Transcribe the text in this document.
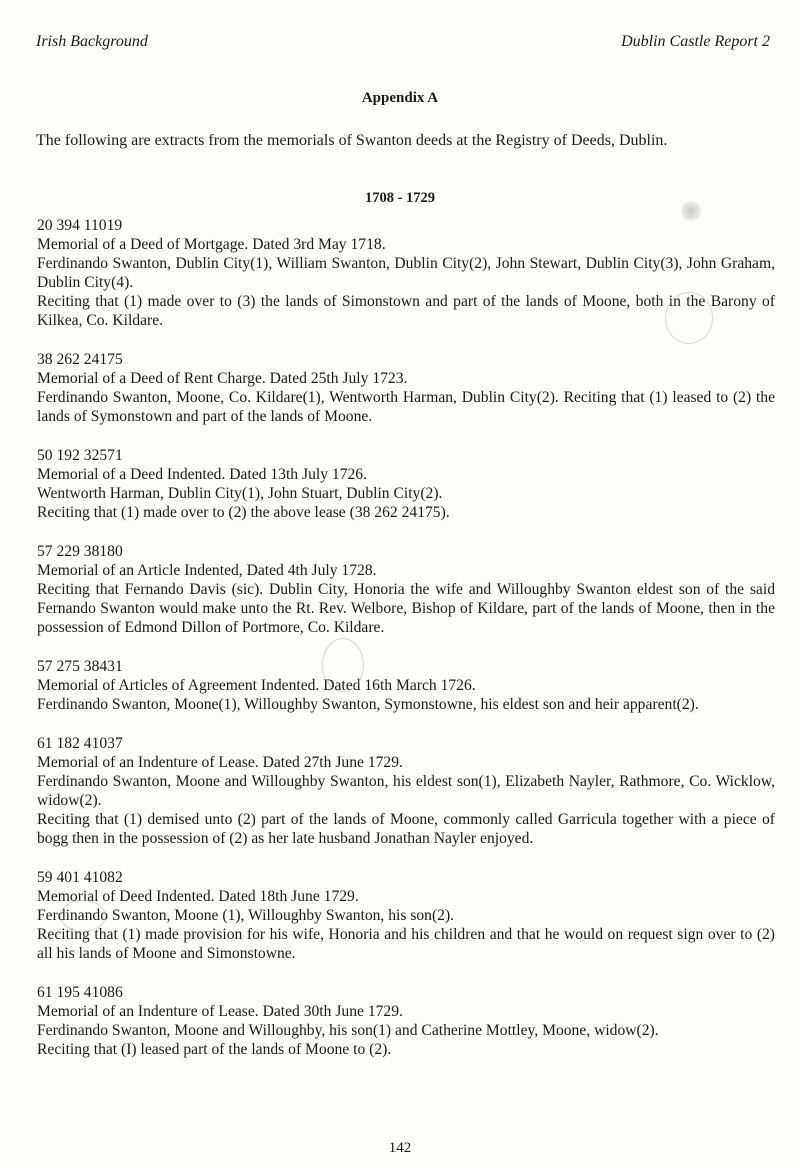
Irish Background	Dublin Castle Report 2
Appendix A
The following are extracts from the memorials of Swanton deeds at the Registry of Deeds, Dublin.
1708 - 1729

20 394 11019
Memorial of a Deed of Mortgage. Dated 3rd May 1718.
Ferdinando Swanton, Dublin City(1), William Swanton, Dublin City(2), John Stewart, Dublin City(3), John Graham, Dublin City(4).
Reciting that (1) made over to (3) the lands of Simonstown and part of the lands of Moone, both in the Barony of Kilkea, Co. Kildare.

38 262 24175
Memorial of a Deed of Rent Charge. Dated 25th July 1723.
Ferdinando Swanton, Moone, Co. Kildare(1), Wentworth Harman, Dublin City(2). Reciting that (1) leased to (2) the lands of Symonstown and part of the lands of Moone.

50 192 32571
Memorial of a Deed Indented. Dated 13th July 1726.
Wentworth Harman, Dublin City(1), John Stuart, Dublin City(2).
Reciting that (1) made over to (2) the above lease (38 262 24175).

57 229 38180
Memorial of an Article Indented, Dated 4th July 1728.
Reciting that Fernando Davis (sic). Dublin City, Honoria the wife and Willoughby Swanton eldest son of the said Fernando Swanton would make unto the Rt. Rev. Welbore, Bishop of Kildare, part of the lands of Moone, then in the possession of Edmond Dillon of Portmore, Co. Kildare.

57 275 38431
Memorial of Articles of Agreement Indented. Dated 16th March 1726.
Ferdinando Swanton, Moone(1), Willoughby Swanton, Symonstowne, his eldest son and heir apparent(2).

61 182 41037
Memorial of an Indenture of Lease. Dated 27th June 1729.
Ferdinando Swanton, Moone and Willoughby Swanton, his eldest son(1), Elizabeth Nayler, Rathmore, Co. Wicklow, widow(2).
Reciting that (1) demised unto (2) part of the lands of Moone, commonly called Garricula together with a piece of bogg then in the possession of (2) as her late husband Jonathan Nayler enjoyed.

59 401 41082
Memorial of Deed Indented. Dated 18th June 1729.
Ferdinando Swanton, Moone (1), Willoughby Swanton, his son(2).
Reciting that (1) made provision for his wife, Honoria and his children and that he would on request sign over to (2) all his lands of Moone and Simonstowne.

61 195 41086
Memorial of an Indenture of Lease. Dated 30th June 1729.
Ferdinando Swanton, Moone and Willoughby, his son(1) and Catherine Mottley, Moone, widow(2).
Reciting that (I) leased part of the lands of Moone to (2).

142
